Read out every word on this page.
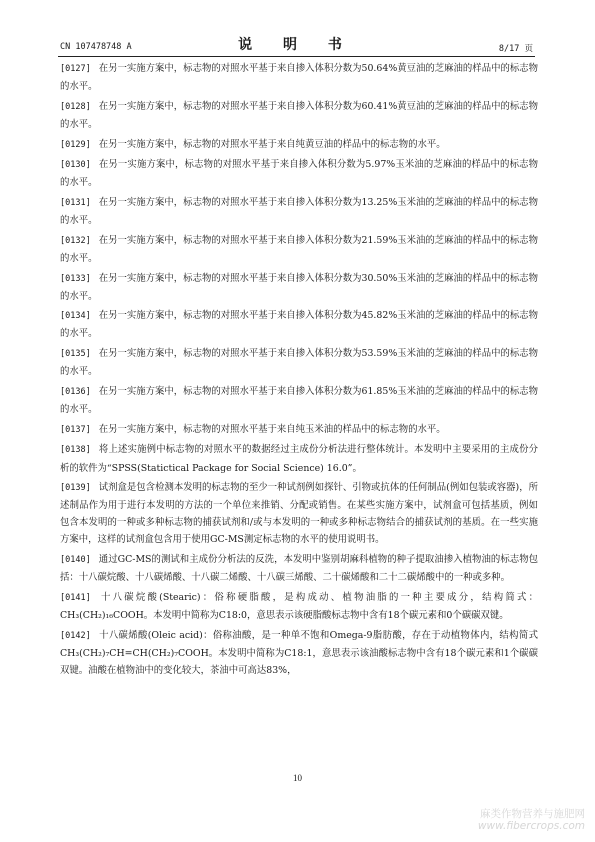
CN 107478748 A	说 明 书	8/17 页

[0127] 在另一实施方案中，标志物的对照水平基于来自掺入体积分数为50.64%黄豆油的芝麻油的样品中的标志物的水平。

[0128] 在另一实施方案中，标志物的对照水平基于来自掺入体积分数为60.41%黄豆油的芝麻油的样品中的标志物的水平。

[0129] 在另一实施方案中，标志物的对照水平基于来自纯黄豆油的样品中的标志物的水平。

[0130] 在另一实施方案中，标志物的对照水平基于来自掺入体积分数为5.97%玉米油的芝麻油的样品中的标志物的水平。

[0131] 在另一实施方案中，标志物的对照水平基于来自掺入体积分数为13.25%玉米油的芝麻油的样品中的标志物的水平。

[0132] 在另一实施方案中，标志物的对照水平基于来自掺入体积分数为21.59%玉米油的芝麻油的样品中的标志物的水平。

[0133] 在另一实施方案中，标志物的对照水平基于来自掺入体积分数为30.50%玉米油的芝麻油的样品中的标志物的水平。

[0134] 在另一实施方案中，标志物的对照水平基于来自掺入体积分数为45.82%玉米油的芝麻油的样品中的标志物的水平。

[0135] 在另一实施方案中，标志物的对照水平基于来自掺入体积分数为53.59%玉米油的芝麻油的样品中的标志物的水平。

[0136] 在另一实施方案中，标志物的对照水平基于来自掺入体积分数为61.85%玉米油的芝麻油的样品中的标志物的水平。

[0137] 在另一实施方案中，标志物的对照水平基于来自纯玉米油的样品中的标志物的水平。

[0138] 将上述实施例中标志物的对照水平的数据经过主成份分析法进行整体统计。本发明中主要采用的主成份分析的软件为“SPSS(Statictical Package for Social Science) 16.0”。

[0139] 试剂盒是包含检测本发明的标志物的至少一种试剂例如探针、引物或抗体的任何制品(例如包装或容器)，所述制品作为用于进行本发明的方法的一个单位来推销、分配或销售。在某些实施方案中，试剂盒可包括基质，例如包含本发明的一种或多种标志物的捕获试剂和/或与本发明的一种或多种标志物结合的捕获试剂的基质。在一些实施方案中，这样的试剂盒包含用于使用GC-MS测定标志物的水平的使用说明书。

[0140] 通过GC-MS的测试和主成份分析法的反洗，本发明中鉴别胡麻科植物的种子提取油掺入植物油的标志物包括：十八碳烷酸、十八碳烯酸、十八碳二烯酸、十八碳三烯酸、二十碳烯酸和二十二碳烯酸中的一种或多种。

[0141] 十八碳烷酸(Stearic)：俗称硬脂酸，是构成动、植物油脂的一种主要成分，结构简式：CH₃(CH₂)₁₆COOH。本发明中简称为C18:0，意思表示该硬脂酸标志物中含有18个碳元素和0个碳碳双键。

[0142] 十八碳烯酸(Oleic acid)：俗称油酸，是一种单不饱和Omega-9脂肪酸，存在于动植物体内，结构简式CH₃(CH₂)₇CH=CH(CH₂)₇COOH。本发明中简称为C18:1，意思表示该油酸标志物中含有18个碳元素和1个碳碳双键。油酸在植物油中的变化较大，茶油中可高达83%，

10
麻类作物营养与施肥网
www.fibercrops.com
